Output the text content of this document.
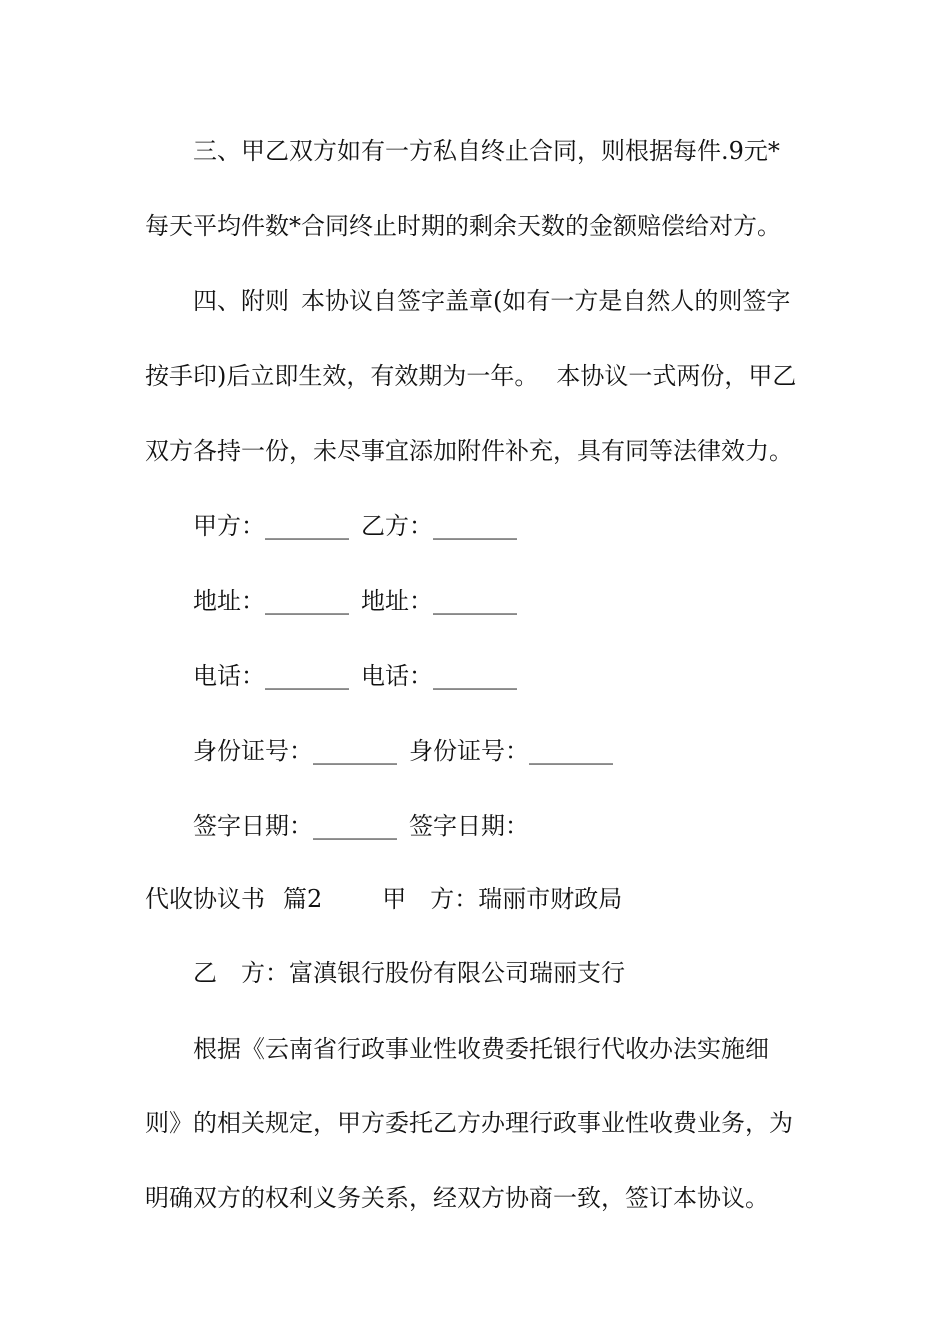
三、甲乙双方如有一方私自终止合同，则根据每件.9元*
每天平均件数*合同终止时期的剩余天数的金额赔偿给对方。
四、附则 本协议自签字盖章(如有一方是自然人的则签字
按手印)后立即生效，有效期为一年。 本协议一式两份，甲乙
双方各持一份，未尽事宜添加附件补充，具有同等法律效力。
甲方：_______ 乙方：_______
地址：_______ 地址：_______
电话：_______ 电话：_______
身份证号：_______ 身份证号：_______
签字日期：_______ 签字日期：
代收协议书 篇2	甲　方：瑞丽市财政局
乙　方：富滇银行股份有限公司瑞丽支行
根据《云南省行政事业性收费委托银行代收办法实施细
则》的相关规定，甲方委托乙方办理行政事业性收费业务，为
明确双方的权利义务关系，经双方协商一致，签订本协议。
